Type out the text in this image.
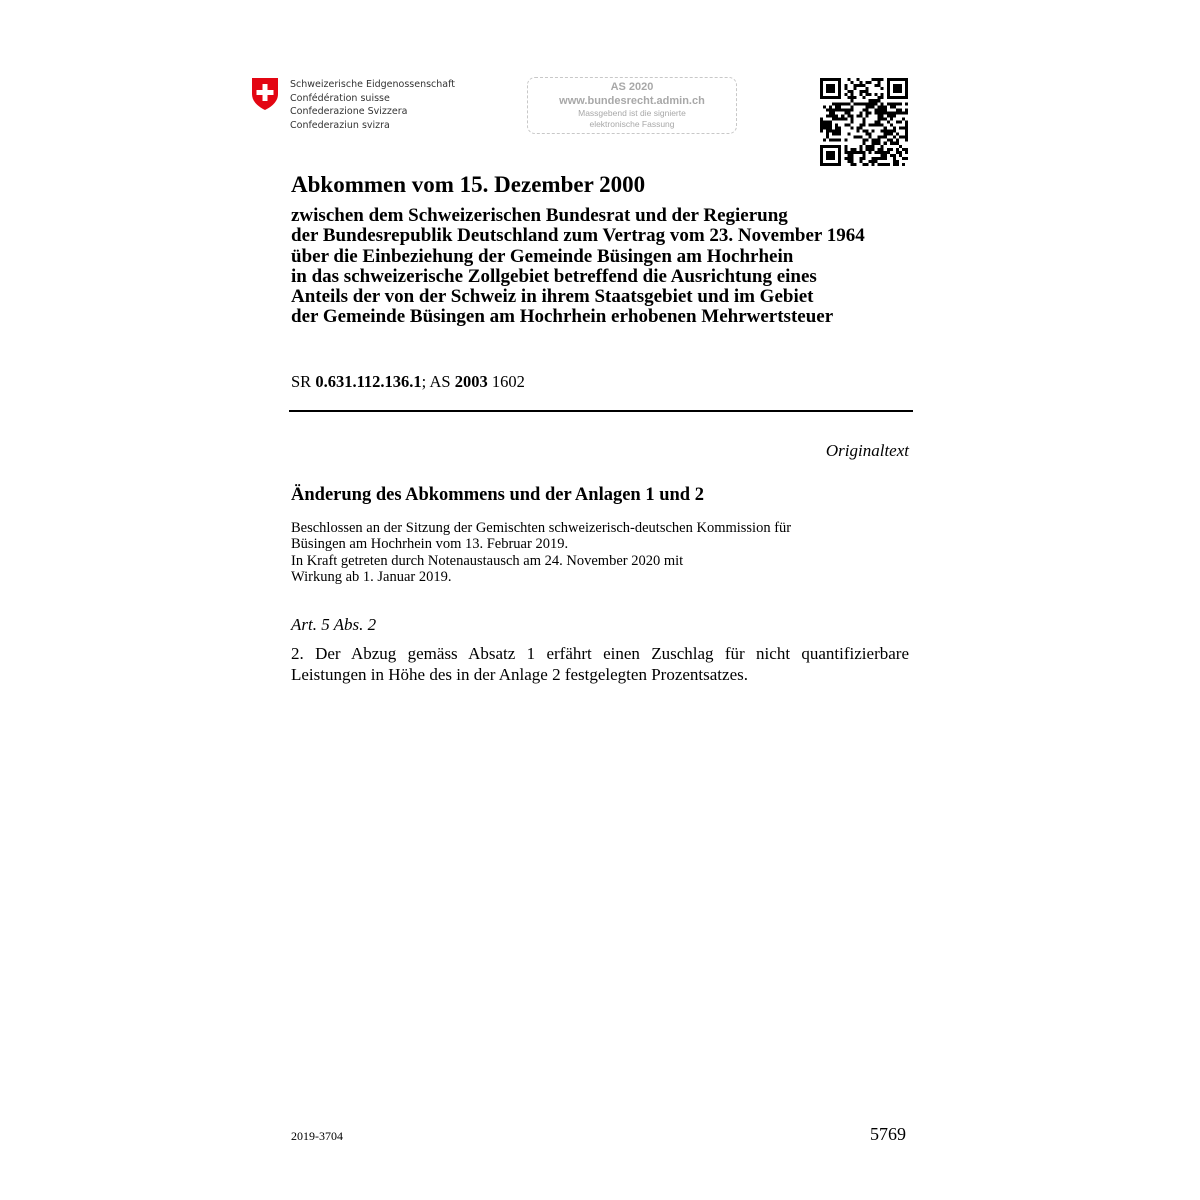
Schweizerische Eidgenossenschaft
Confédération suisse
Confederazione Svizzera
Confederaziun svizra
AS 2020
www.bundesrecht.admin.ch
Massgebend ist die signierte
elektronische Fassung
Abkommen vom 15. Dezember 2000
zwischen dem Schweizerischen Bundesrat und der Regierung
der Bundesrepublik Deutschland zum Vertrag vom 23. November 1964
über die Einbeziehung der Gemeinde Büsingen am Hochrhein
in das schweizerische Zollgebiet betreffend die Ausrichtung eines
Anteils der von der Schweiz in ihrem Staatsgebiet und im Gebiet
der Gemeinde Büsingen am Hochrhein erhobenen Mehrwertsteuer
SR 0.631.112.136.1; AS 2003 1602
Originaltext
Änderung des Abkommens und der Anlagen 1 und 2
Beschlossen an der Sitzung der Gemischten schweizerisch-deutschen Kommission für
Büsingen am Hochrhein vom 13. Februar 2019.
In Kraft getreten durch Notenaustausch am 24. November 2020 mit
Wirkung ab 1. Januar 2019.
Art. 5 Abs. 2
2. Der Abzug gemäss Absatz 1 erfährt einen Zuschlag für nicht quantifizierbare Leistungen in Höhe des in der Anlage 2 festgelegten Prozentsatzes.
2019-3704	5769
